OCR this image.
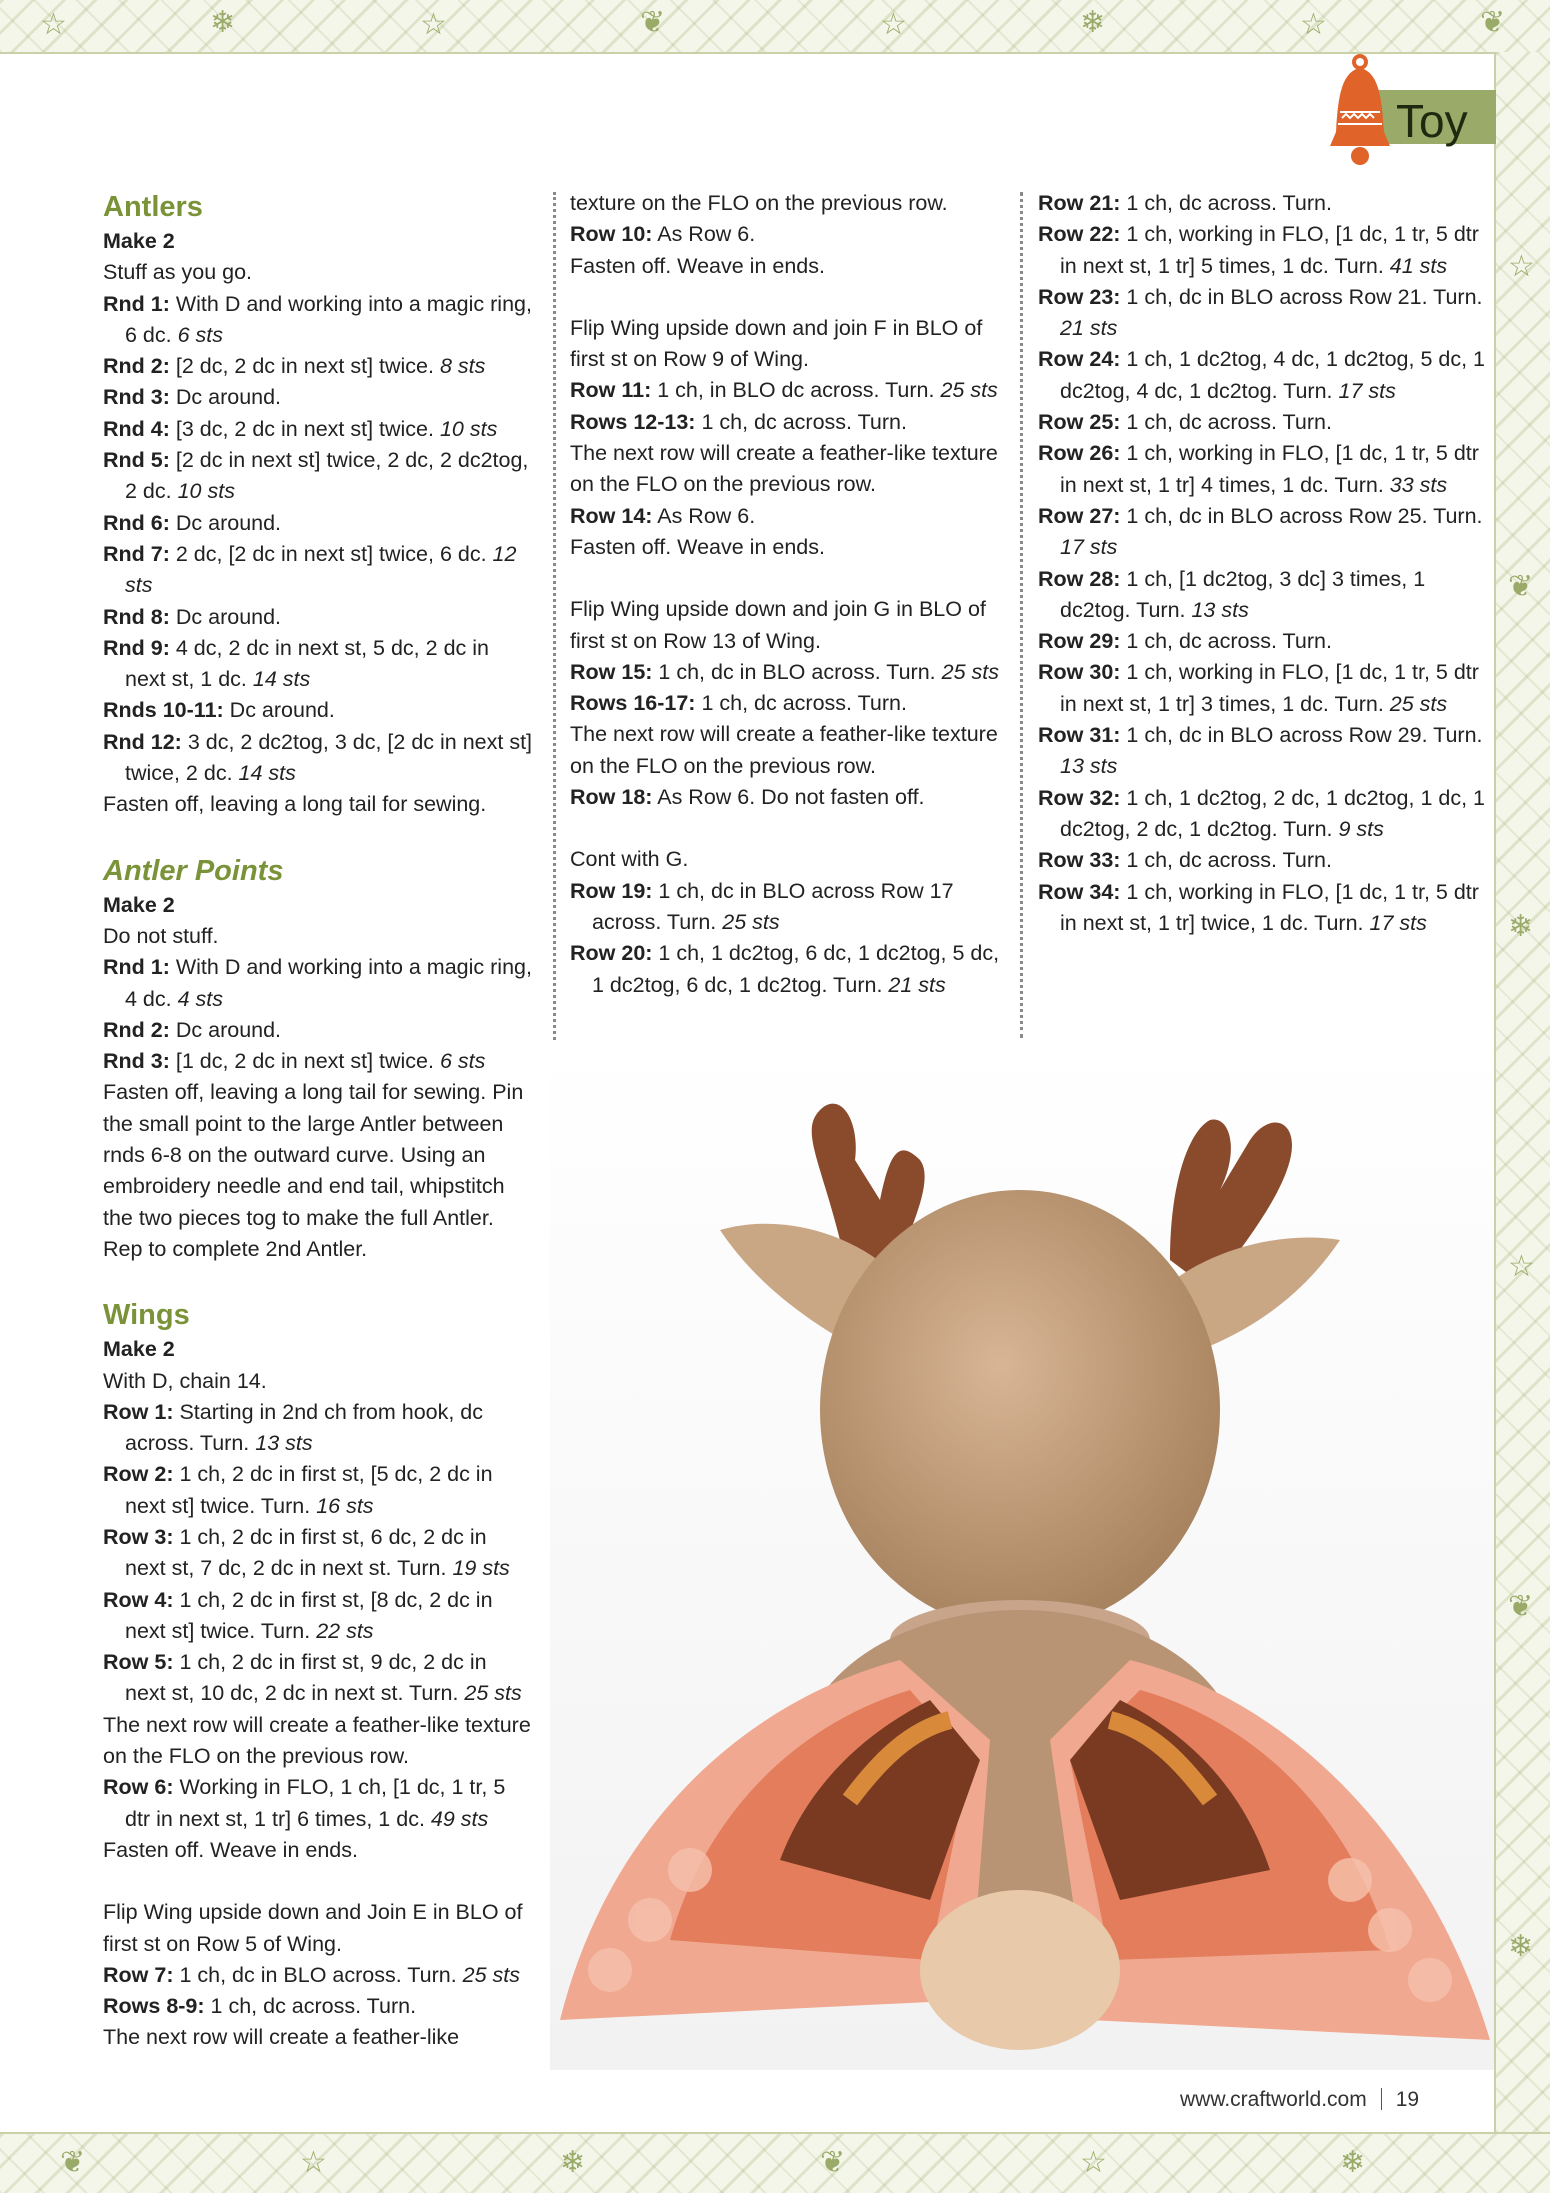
☆	❄	☆	❦	☆	❄	☆	❦
☆
❦
❄
☆
❦
❄
❦	☆	❄	❦	☆	❄
Toy
Antlers

Make 2

Stuff as you go.

Rnd 1: With D and working into a magic ring, 6 dc. 6 sts

Rnd 2: [2 dc, 2 dc in next st] twice. 8 sts

Rnd 3: Dc around.

Rnd 4: [3 dc, 2 dc in next st] twice. 10 sts

Rnd 5: [2 dc in next st] twice, 2 dc, 2 dc2tog, 2 dc. 10 sts

Rnd 6: Dc around.

Rnd 7: 2 dc, [2 dc in next st] twice, 6 dc. 12 sts

Rnd 8: Dc around.

Rnd 9: 4 dc, 2 dc in next st, 5 dc, 2 dc in next st, 1 dc. 14 sts

Rnds 10-11: Dc around.

Rnd 12: 3 dc, 2 dc2tog, 3 dc, [2 dc in next st] twice, 2 dc. 14 sts

Fasten off, leaving a long tail for sewing.

Antler Points

Make 2

Do not stuff.

Rnd 1: With D and working into a magic ring, 4 dc. 4 sts

Rnd 2: Dc around.

Rnd 3: [1 dc, 2 dc in next st] twice. 6 sts

Fasten off, leaving a long tail for sewing. Pin the small point to the large Antler between rnds 6-8 on the outward curve. Using an embroidery needle and end tail, whipstitch the two pieces tog to make the full Antler. Rep to complete 2nd Antler.

Wings

Make 2

With D, chain 14.

Row 1: Starting in 2nd ch from hook, dc across. Turn. 13 sts

Row 2: 1 ch, 2 dc in first st, [5 dc, 2 dc in next st] twice. Turn. 16 sts

Row 3: 1 ch, 2 dc in first st, 6 dc, 2 dc in next st, 7 dc, 2 dc in next st. Turn. 19 sts

Row 4: 1 ch, 2 dc in first st, [8 dc, 2 dc in next st] twice. Turn. 22 sts

Row 5: 1 ch, 2 dc in first st, 9 dc, 2 dc in next st, 10 dc, 2 dc in next st. Turn. 25 sts

The next row will create a feather-like texture on the FLO on the previous row.

Row 6: Working in FLO, 1 ch, [1 dc, 1 tr, 5 dtr in next st, 1 tr] 6 times, 1 dc. 49 sts

Fasten off. Weave in ends.

Flip Wing upside down and Join E in BLO of first st on Row 5 of Wing.

Row 7: 1 ch, dc in BLO across. Turn. 25 sts

Rows 8-9: 1 ch, dc across. Turn.

The next row will create a feather-like

texture on the FLO on the previous row.

Row 10: As Row 6.

Fasten off. Weave in ends.

Flip Wing upside down and join F in BLO of first st on Row 9 of Wing.

Row 11: 1 ch, in BLO dc across. Turn. 25 sts

Rows 12-13: 1 ch, dc across. Turn.

The next row will create a feather-like texture on the FLO on the previous row.

Row 14: As Row 6.

Fasten off. Weave in ends.

Flip Wing upside down and join G in BLO of first st on Row 13 of Wing.

Row 15: 1 ch, dc in BLO across. Turn. 25 sts

Rows 16-17: 1 ch, dc across. Turn.

The next row will create a feather-like texture on the FLO on the previous row.

Row 18: As Row 6. Do not fasten off.

Cont with G.

Row 19: 1 ch, dc in BLO across Row 17 across. Turn. 25 sts

Row 20: 1 ch, 1 dc2tog, 6 dc, 1 dc2tog, 5 dc, 1 dc2tog, 6 dc, 1 dc2tog. Turn. 21 sts

Row 21: 1 ch, dc across. Turn.

Row 22: 1 ch, working in FLO, [1 dc, 1 tr, 5 dtr in next st, 1 tr] 5 times, 1 dc. Turn. 41 sts

Row 23: 1 ch, dc in BLO across Row 21. Turn. 21 sts

Row 24: 1 ch, 1 dc2tog, 4 dc, 1 dc2tog, 5 dc, 1 dc2tog, 4 dc, 1 dc2tog. Turn. 17 sts

Row 25: 1 ch, dc across. Turn.

Row 26: 1 ch, working in FLO, [1 dc, 1 tr, 5 dtr in next st, 1 tr] 4 times, 1 dc. Turn. 33 sts

Row 27: 1 ch, dc in BLO across Row 25. Turn. 17 sts

Row 28: 1 ch, [1 dc2tog, 3 dc] 3 times, 1 dc2tog. Turn. 13 sts

Row 29: 1 ch, dc across. Turn.

Row 30: 1 ch, working in FLO, [1 dc, 1 tr, 5 dtr in next st, 1 tr] 3 times, 1 dc. Turn. 25 sts

Row 31: 1 ch, dc in BLO across Row 29. Turn. 13 sts

Row 32: 1 ch, 1 dc2tog, 2 dc, 1 dc2tog, 1 dc, 1 dc2tog, 2 dc, 1 dc2tog. Turn. 9 sts

Row 33: 1 ch, dc across. Turn.

Row 34: 1 ch, working in FLO, [1 dc, 1 tr, 5 dtr in next st, 1 tr] twice, 1 dc. Turn. 17 sts

www.craftworld.com 19
